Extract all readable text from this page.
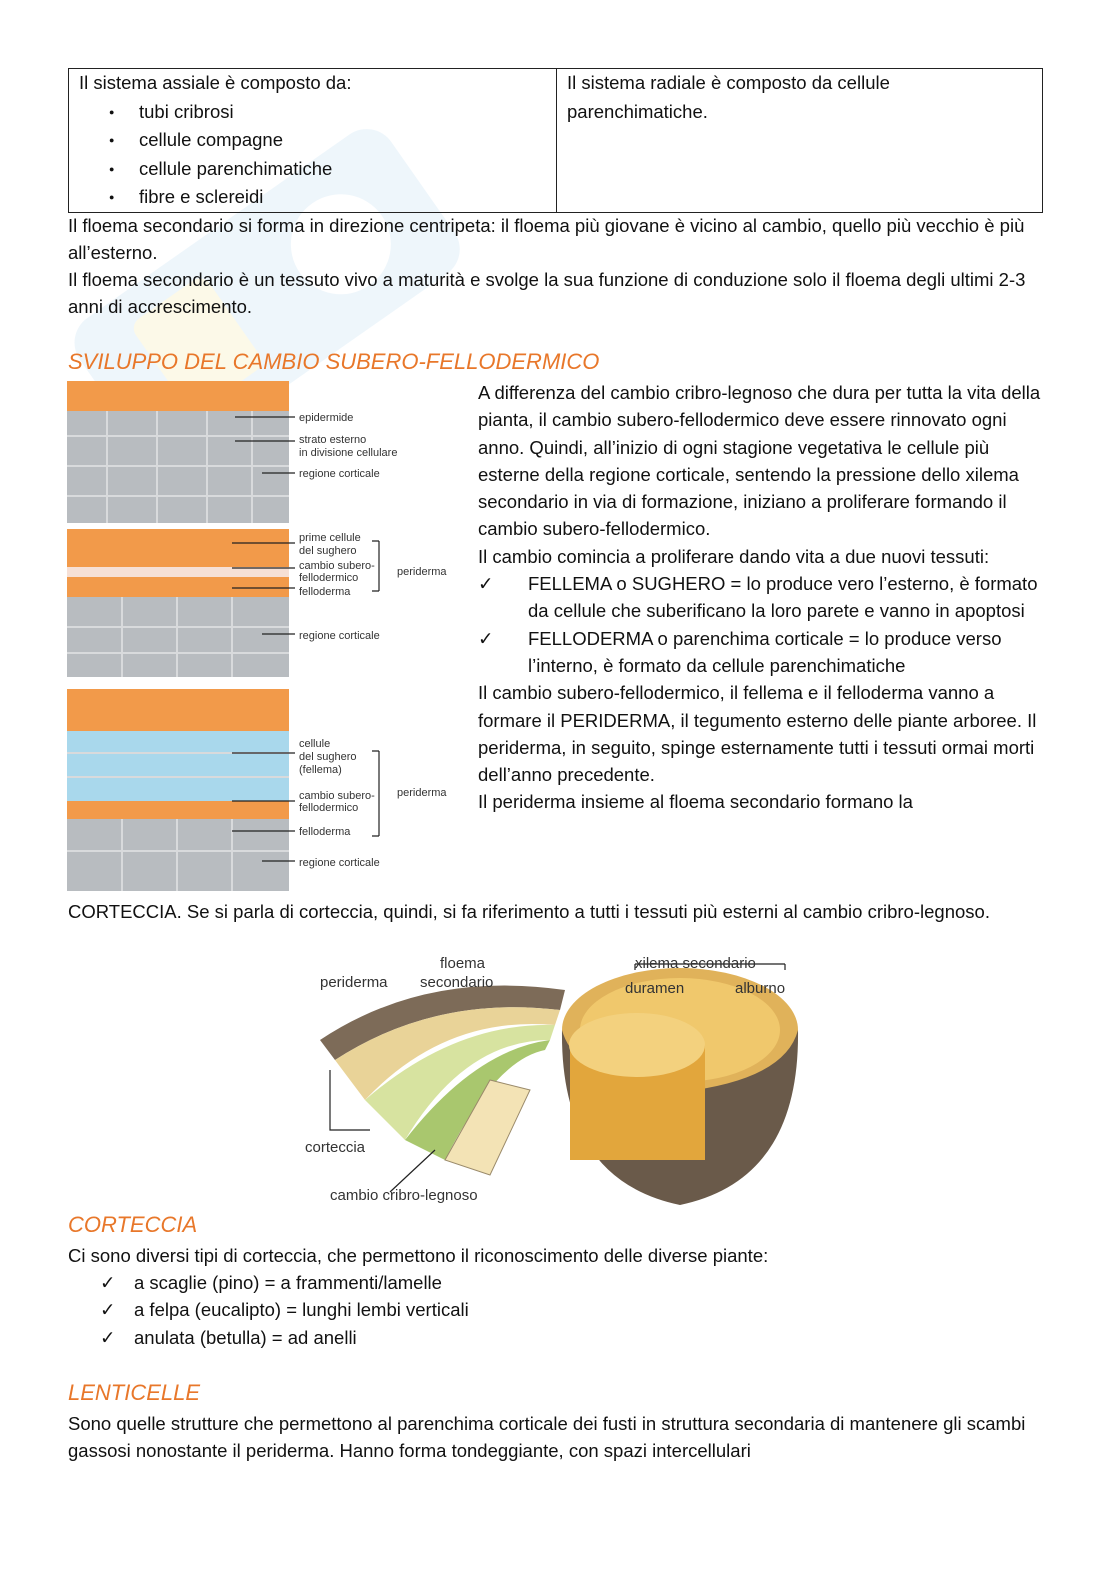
Il sistema assiale è composto da:
● tubi cribrosi
● cellule compagne
● cellule parenchimatiche
● fibre e sclereidi

Il sistema radiale è composto da cellule parenchimatiche.
Il floema secondario si forma in direzione centripeta: il floema più giovane è vicino al cambio, quello più vecchio è più all’esterno.
Il floema secondario è un tessuto vivo a maturità e svolge la sua funzione di conduzione solo il floema degli ultimi 2-3 anni di accrescimento.
SVILUPPO DEL CAMBIO SUBERO-FELLODERMICO
epidermide
strato esterno
in divisione cellulare
regione corticale
prime cellule
del sughero
cambio subero-
fellodermico
felloderma
periderma
regione corticale
cellule
del sughero
(fellema)
cambio subero-
fellodermico
periderma
felloderma
regione corticale
A differenza del cambio cribro-legnoso che dura per tutta la vita della pianta, il cambio subero-fellodermico deve essere rinnovato ogni anno. Quindi, all’inizio di ogni stagione vegetativa le cellule più esterne della regione corticale, sentendo la pressione dello xilema secondario in via di formazione, iniziano a proliferare formando il cambio subero-fellodermico.
Il cambio comincia a proliferare dando vita a due nuovi tessuti:
✓	FELLEMA o SUGHERO = lo produce vero l’esterno, è formato da cellule che suberificano la loro parete e vanno in apoptosi
✓	FELLODERMA o parenchima corticale = lo produce verso l’interno, è formato da cellule parenchimatiche
Il cambio subero-fellodermico, il fellema e il felloderma vanno a formare il PERIDERMA, il tegumento esterno delle piante arboree. Il periderma, in seguito, spinge esternamente tutti i tessuti ormai morti dell’anno precedente.
Il periderma insieme al floema secondario formano la
CORTECCIA. Se si parla di corteccia, quindi, si fa riferimento a tutti i tessuti più esterni al cambio cribro-legnoso.
periderma
floema
secondario
xilema secondario
duramen	alburno
corteccia
cambio cribro-legnoso
CORTECCIA
Ci sono diversi tipi di corteccia, che permettono il riconoscimento delle diverse piante:
✓ a scaglie (pino) = a frammenti/lamelle
✓ a felpa (eucalipto) = lunghi lembi verticali
✓ anulata (betulla) = ad anelli
LENTICELLE
Sono quelle strutture che permettono al parenchima corticale dei fusti in struttura secondaria di mantenere gli scambi gassosi nonostante il periderma. Hanno forma tondeggiante, con spazi intercellulari
